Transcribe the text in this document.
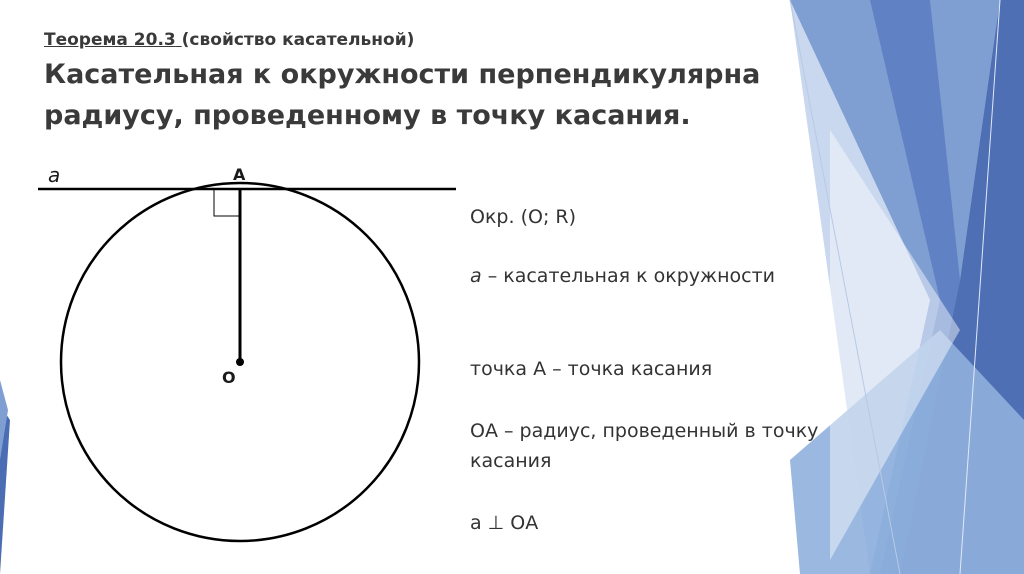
Теорема 20.3 (свойство касательной)
Касательная к окружности перпендикулярна радиусу, проведенному в точку касания.
a	A
O
Окр. (О; R)
a – касательная к окружности
точка А – точка касания
ОА – радиус, проведенный в точку касания
a ⊥ ОА
